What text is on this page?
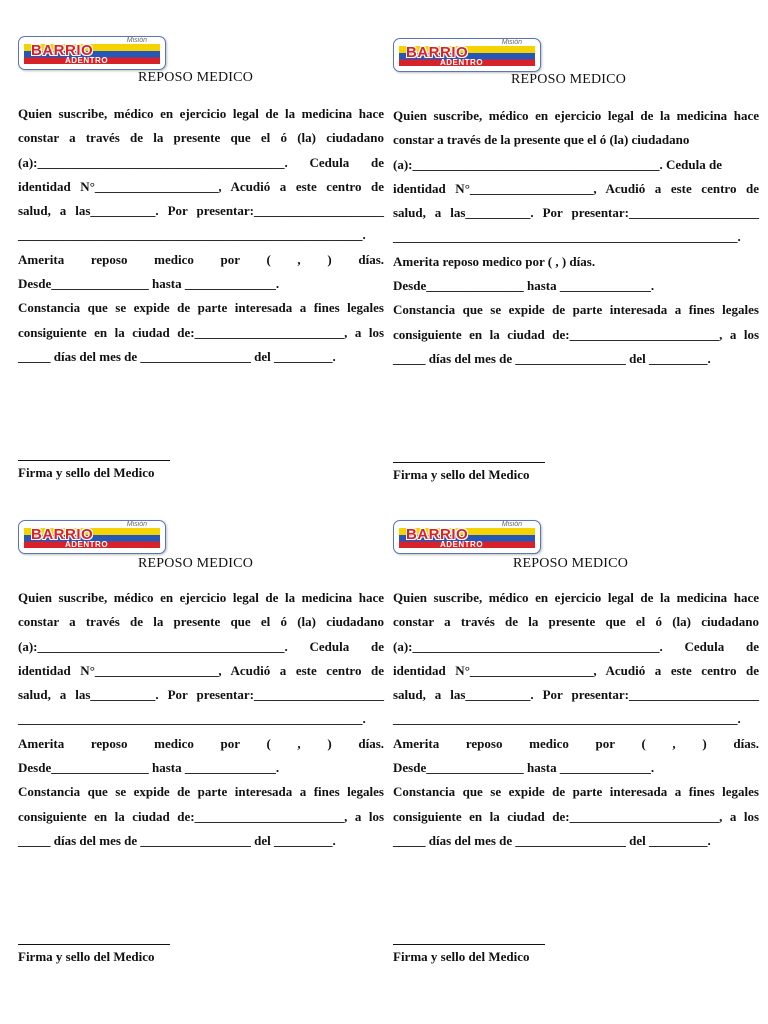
Misión
BARRIO
ADENTRO
REPOSO MEDICO

Quien suscribe, médico en ejercicio legal de la medicina hace

constar a través de la presente que el ó (la) ciudadano

(a):______________________________________. Cedula de

identidad N°___________________, Acudió a este centro de

salud, a las__________. Por presentar:____________________

_____________________________________________________.

Amerita reposo medico por ( , ) días.

Desde_______________ hasta ______________.

Constancia que se expide de parte interesada a fines legales

consiguiente en la ciudad de:_______________________, a los

_____ días del mes de _________________ del _________.

Firma y sello del Medico
Misión
BARRIO
ADENTRO
REPOSO MEDICO

Quien suscribe, médico en ejercicio legal de la medicina hace

constar a través de la presente que el ó (la) ciudadano

(a):______________________________________. Cedula de

identidad N°___________________, Acudió a este centro de

salud, a las__________. Por presentar:____________________

_____________________________________________________.

Amerita reposo medico por ( , ) días.

Desde_______________ hasta ______________.

Constancia que se expide de parte interesada a fines legales

consiguiente en la ciudad de:_______________________, a los

_____ días del mes de _________________ del _________.

Firma y sello del Medico
Misión
BARRIO
ADENTRO
REPOSO MEDICO

Quien suscribe, médico en ejercicio legal de la medicina hace

constar a través de la presente que el ó (la) ciudadano

(a):______________________________________. Cedula de

identidad N°___________________, Acudió a este centro de

salud, a las__________. Por presentar:____________________

_____________________________________________________.

Amerita reposo medico por ( , ) días.

Desde_______________ hasta ______________.

Constancia que se expide de parte interesada a fines legales

consiguiente en la ciudad de:_______________________, a los

_____ días del mes de _________________ del _________.

Firma y sello del Medico
Misión
BARRIO
ADENTRO
REPOSO MEDICO

Quien suscribe, médico en ejercicio legal de la medicina hace

constar a través de la presente que el ó (la) ciudadano

(a):______________________________________. Cedula de

identidad N°___________________, Acudió a este centro de

salud, a las__________. Por presentar:____________________

_____________________________________________________.

Amerita reposo medico por ( , ) días.

Desde_______________ hasta ______________.

Constancia que se expide de parte interesada a fines legales

consiguiente en la ciudad de:_______________________, a los

_____ días del mes de _________________ del _________.

Firma y sello del Medico
